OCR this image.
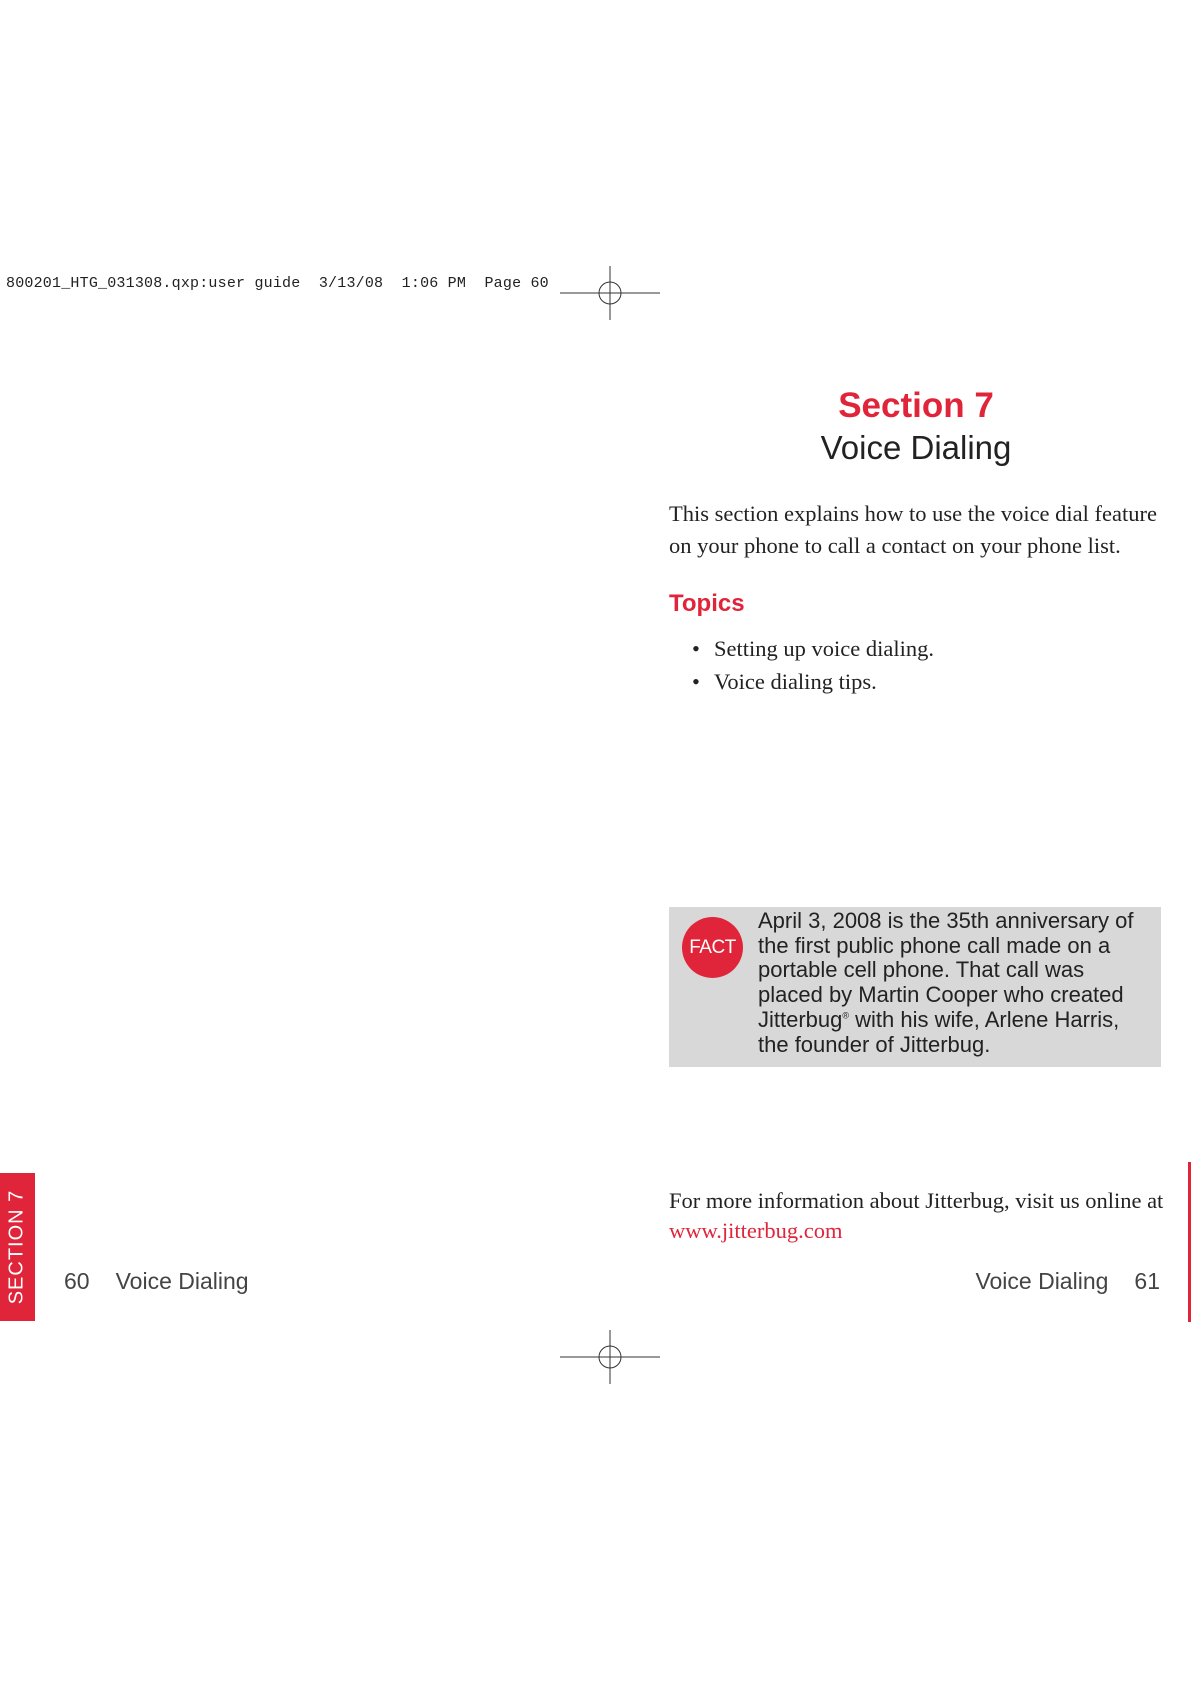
800201_HTG_031308.qxp:user guide  3/13/08  1:06 PM  Page 60
Section 7
Voice Dialing
This section explains how to use the voice dial feature on your phone to call a contact on your phone list.
Topics
• Setting up voice dialing.
• Voice dialing tips.
FACT
April 3, 2008 is the 35th anniversary of the first public phone call made on a portable cell phone. That call was placed by Martin Cooper who created Jitterbug® with his wife, Arlene Harris, the founder of Jitterbug.
For more information about Jitterbug, visit us online at www.jitterbug.com
SECTION 7 60 Voice Dialing	Voice Dialing 61
